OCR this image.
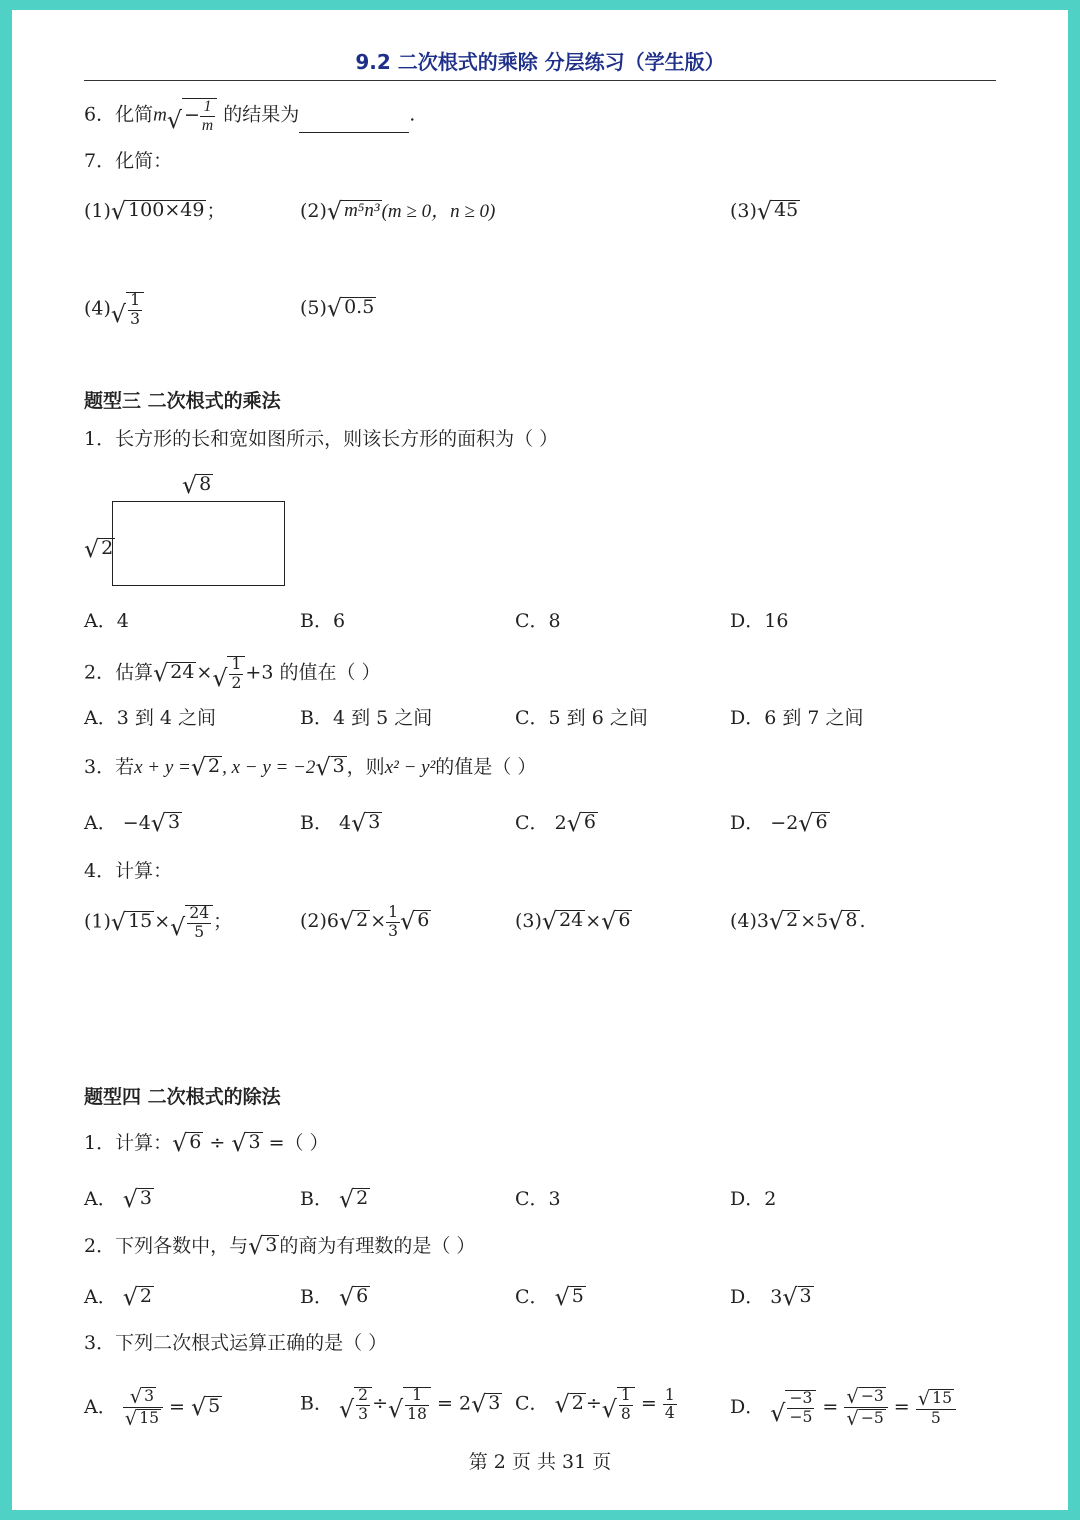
9.2 二次根式的乘除 分层练习（学生版）
6．化简m √ − $\frac{1}{m}$ 的结果为	.
7．化简：
(1) √ 100×49 ；	(2) √ m⁵n³ (m ≥ 0，n ≥ 0)	(3) √ 45
(4) √ $\frac{1}{3}$	(5) √ 0.5
题型三 二次根式的乘法
1．长方形的长和宽如图所示，则该长方形的面积为（ ）
√ 8
√ 2
A．4	B．6	C．8	D．16
2．估算 √ 24 × √ $\frac{1}{2} +3$ 的值在（ ）
A．3 到 4 之间	B．4 到 5 之间	C．5 到 6 之间	D．6 到 7 之间
3．若x + y = √ 2 , x − y = −2 √ 3 ，则x² − y²的值是（ ）
A． −4 √ 3	B． 4 √ 3	C． 2 √ 6	D． −2 √ 6
4．计算：
(1) √ 15 × √ $\frac{24}{5}$ ；	(2)6 √ $2 \times \frac{1}{3}$ √ 6	(3) √ 24 × √ 6	(4)3 √ 2 ×5 √ 8 .
题型四 二次根式的除法
1．计算： √ 6 ÷ √ 3 =（ ）
A． √ 3	B． √ 2	C．3	D．2
2．下列各数中，与 √ 3 的商为有理数的是（ ）
A． √ 2	B． √ 6	C． √ 5	D． 3 √ 3
3．下列二次根式运算正确的是（ ）
A． $\frac{√ 3}{√ 15}$ = √ 5	B． √ $\frac{2}{3}$ ÷ √ $\frac{1}{18} = 2$ √ 3 C． √ 2 ÷ √ $\frac{1}{8} = \frac{1}{4}$	D． √ $\frac{-3}{-5} = \frac{√ -3}{√ -5} = \frac{√ 15}{5}$
第 2 页 共 31 页
